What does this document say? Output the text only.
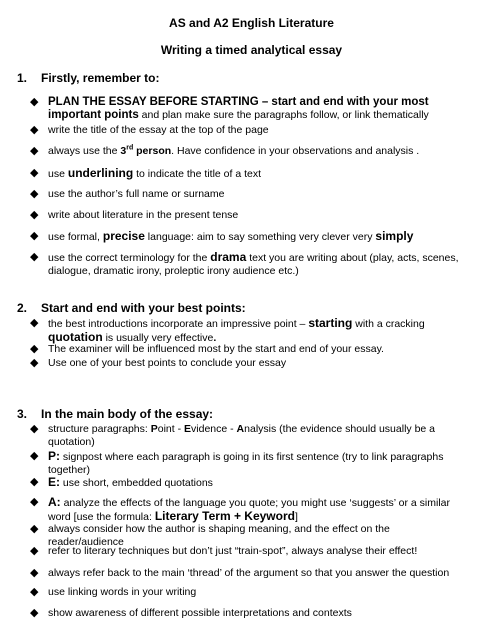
AS and A2 English Literature
Writing a timed analytical essay
1. Firstly, remember to:
◆ PLAN THE ESSAY BEFORE STARTING – start and end with your most important points and plan make sure the paragraphs follow, or link thematically
◆ write the title of the essay at the top of the page
◆ always use the 3rd person. Have confidence in your observations and analysis .
◆ use underlining to indicate the title of a text
◆ use the author’s full name or surname
◆ write about literature in the present tense
◆ use formal, precise language: aim to say something very clever very simply
◆ use the correct terminology for the drama text you are writing about (play, acts, scenes, dialogue, dramatic irony, proleptic irony audience etc.)
2. Start and end with your best points:
◆ the best introductions incorporate an impressive point – starting with a cracking quotation is usually very effective.
◆ The examiner will be influenced most by the start and end of your essay.
◆ Use one of your best points to conclude your essay
3. In the main body of the essay:
◆ structure paragraphs: Point - Evidence - Analysis (the evidence should usually be a quotation)
◆ P: signpost where each paragraph is going in its first sentence (try to link paragraphs together)
◆ E: use short, embedded quotations
◆ A: analyze the effects of the language you quote; you might use ‘suggests’ or a similar word [use the formula: Literary Term + Keyword]
◆ always consider how the author is shaping meaning, and the effect on the reader/audience
◆ refer to literary techniques but don’t just “train-spot”, always analyse their effect!
◆ always refer back to the main ‘thread’ of the argument so that you answer the question
◆ use linking words in your writing
◆ show awareness of different possible interpretations and contexts
